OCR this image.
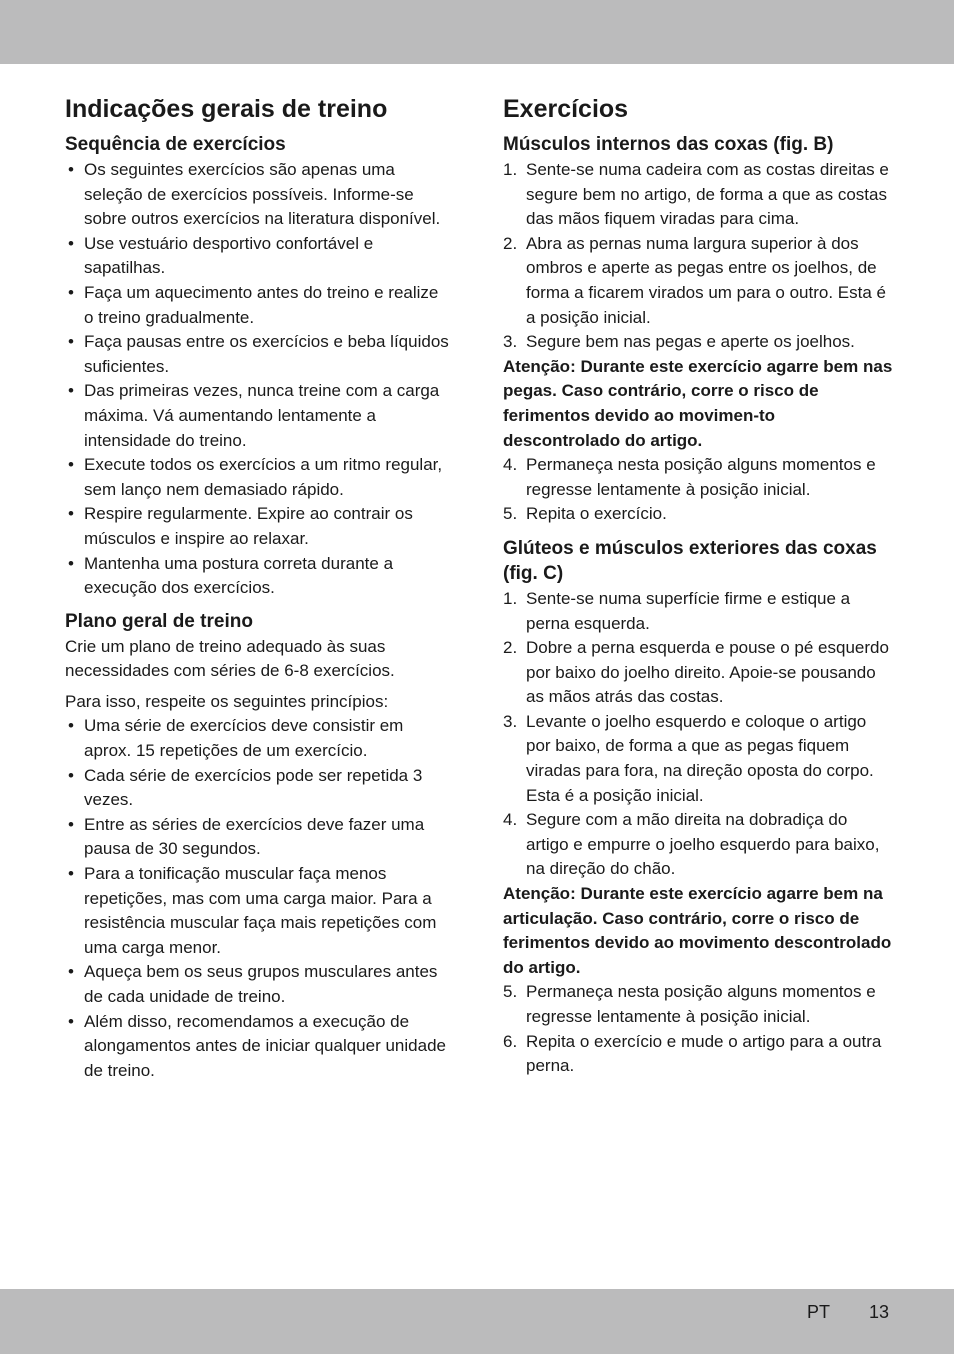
Indicações gerais de treino
Sequência de exercícios
• Os seguintes exercícios são apenas uma seleção de exercícios possíveis. Informe-se sobre outros exercícios na literatura disponível.
• Use vestuário desportivo confortável e sapatilhas.
• Faça um aquecimento antes do treino e realize o treino gradualmente.
• Faça pausas entre os exercícios e beba líquidos suficientes.
• Das primeiras vezes, nunca treine com a carga máxima. Vá aumentando lentamente a intensidade do treino.
• Execute todos os exercícios a um ritmo regular, sem lanço nem demasiado rápido.
• Respire regularmente. Expire ao contrair os músculos e inspire ao relaxar.
• Mantenha uma postura correta durante a execução dos exercícios.
Plano geral de treino

Crie um plano de treino adequado às suas necessidades com séries de 6-8 exercícios.

Para isso, respeite os seguintes princípios:

• Uma série de exercícios deve consistir em aprox. 15 repetições de um exercício.
• Cada série de exercícios pode ser repetida 3 vezes.
• Entre as séries de exercícios deve fazer uma pausa de 30 segundos.
• Para a tonificação muscular faça menos repetições, mas com uma carga maior. Para a resistência muscular faça mais repetições com uma carga menor.
• Aqueça bem os seus grupos musculares antes de cada unidade de treino.
• Além disso, recomendamos a execução de alongamentos antes de iniciar qualquer unidade de treino.
Exercícios
Músculos internos das coxas (fig. B)
1. Sente-se numa cadeira com as costas direitas e segure bem no artigo, de forma a que as costas das mãos fiquem viradas para cima.
2. Abra as pernas numa largura superior à dos ombros e aperte as pegas entre os joelhos, de forma a ficarem virados um para o outro. Esta é a posição inicial.
3. Segure bem nas pegas e aperte os joelhos.

Atenção: Durante este exercício agarre bem nas pegas. Caso contrário, corre o risco de ferimentos devido ao movimen-to descontrolado do artigo.

4. Permaneça nesta posição alguns momentos e regresse lentamente à posição inicial.
5. Repita o exercício.
Glúteos e músculos exteriores das coxas (fig. C)
1. Sente-se numa superfície firme e estique a perna esquerda.
2. Dobre a perna esquerda e pouse o pé esquerdo por baixo do joelho direito. Apoie-se pousando as mãos atrás das costas.
3. Levante o joelho esquerdo e coloque o artigo por baixo, de forma a que as pegas fiquem viradas para fora, na direção oposta do corpo. Esta é a posição inicial.
4. Segure com a mão direita na dobradiça do artigo e empurre o joelho esquerdo para baixo, na direção do chão.

Atenção: Durante este exercício agarre bem na articulação. Caso contrário, corre o risco de ferimentos devido ao movimento descontrolado do artigo.

5. Permaneça nesta posição alguns momentos e regresse lentamente à posição inicial.
6. Repita o exercício e mude o artigo para a outra perna.
PT 13
